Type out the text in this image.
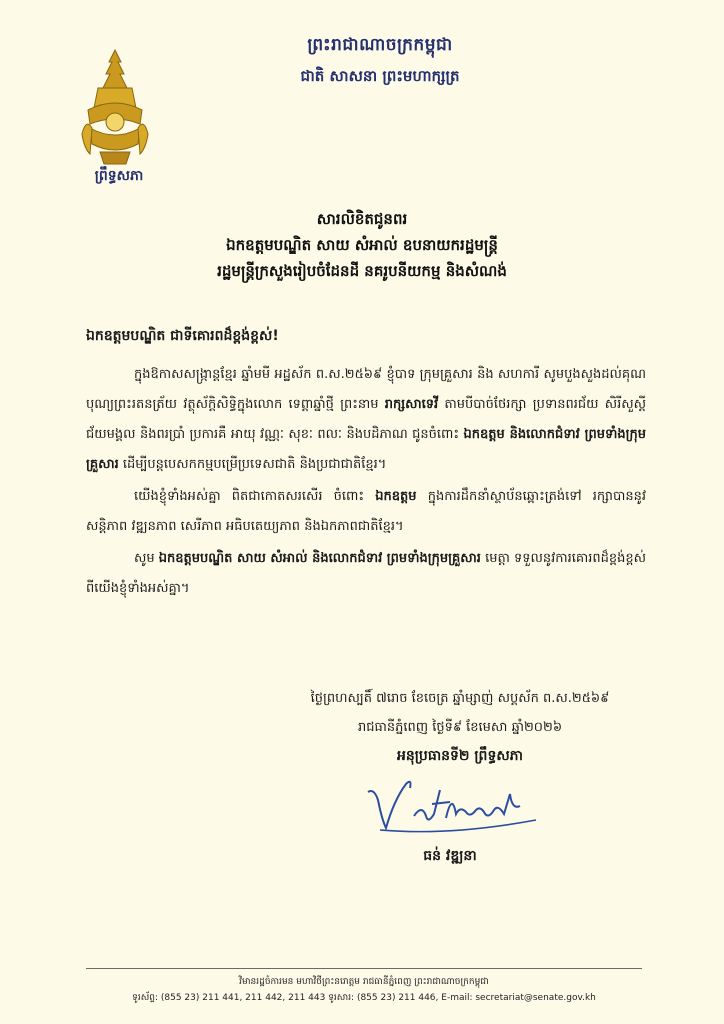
ព្រឹទ្ធសភា
ព្រះរាជាណាចក្រកម្ពុជា
ជាតិ សាសនា ព្រះមហាក្សត្រ
សារលិខិតជូនពរ
ឯកឧត្តមបណ្ឌិត សាយ សំអាល់ ឧបនាយករដ្ឋមន្ត្រី
រដ្ឋមន្ត្រីក្រសួងរៀបចំដែនដី នគរូបនីយកម្ម និងសំណង់
ឯកឧត្តមបណ្ឌិត ជាទីគោរពដ៏ខ្ពង់ខ្ពស់!

ក្នុងឱកាសសង្ក្រាន្តខ្មែរ ឆ្នាំមមី អដ្ឋស័ក ព.ស.២៥៦៩ ខ្ញុំបាទ ក្រុមគ្រួសារ និង សហការី សូមបួងសួងដល់គុណបុណ្យព្រះរតនត្រ័យ វត្ថុស័ក្តិសិទ្ធិក្នុងលោក ទេព្តាឆ្នាំថ្មី ព្រះនាម រាក្សសាទេវី តាមបីបាច់ថែរក្សា ប្រទានពរជ័យ សិរីសួស្តី ជ័យមង្គល និងពរប្រាំ ប្រការគឺ អាយុ វណ្ណៈ សុខៈ ពលៈ និងបដិភាណ ជូនចំពោះ ឯកឧត្តម និងលោកជំទាវ ព្រមទាំងក្រុមគ្រួសារ ដើម្បីបន្តបេសកកម្មបម្រើប្រទេសជាតិ និងប្រជាជាតិខ្មែរ។

យើងខ្ញុំទាំងអស់គ្នា ពិតជាកោតសរសើរ ចំពោះ ឯកឧត្តម ក្នុងការដឹកនាំស្ថាប័នឆ្ពោះត្រង់ទៅ រក្សាបាននូវសន្តិភាព វឌ្ឍនភាព សេរីភាព អធិបតេយ្យភាព និងឯកភាពជាតិខ្មែរ។

សូម ឯកឧត្តមបណ្ឌិត សាយ សំអាល់ និងលោកជំទាវ ព្រមទាំងក្រុមគ្រួសារ មេត្តា ទទួលនូវការគោរពដ៏ខ្ពង់ខ្ពស់ ពីយើងខ្ញុំទាំងអស់គ្នា។

ថ្ងៃព្រហស្បតិ៍ ៧រោច ខែចេត្រ ឆ្នាំម្សាញ់ សប្តស័ក ព.ស.២៥៦៩
រាជធានីភ្នំពេញ ថ្ងៃទី៩ ខែមេសា ឆ្នាំ២០២៦
អនុប្រធានទី២ ព្រឹទ្ធសភា
ធន់ វឌ្ឍនា
វិមានរដ្ឋចំការមន មហាវិថីព្រះនរោត្តម រាជធានីភ្នំពេញ ព្រះរាជាណាចក្រកម្ពុជា
ទូរស័ព្ទ: (855 23) 211 441, 211 442, 211 443 ទូរសារ: (855 23) 211 446, E-mail: secretariat@senate.gov.kh
